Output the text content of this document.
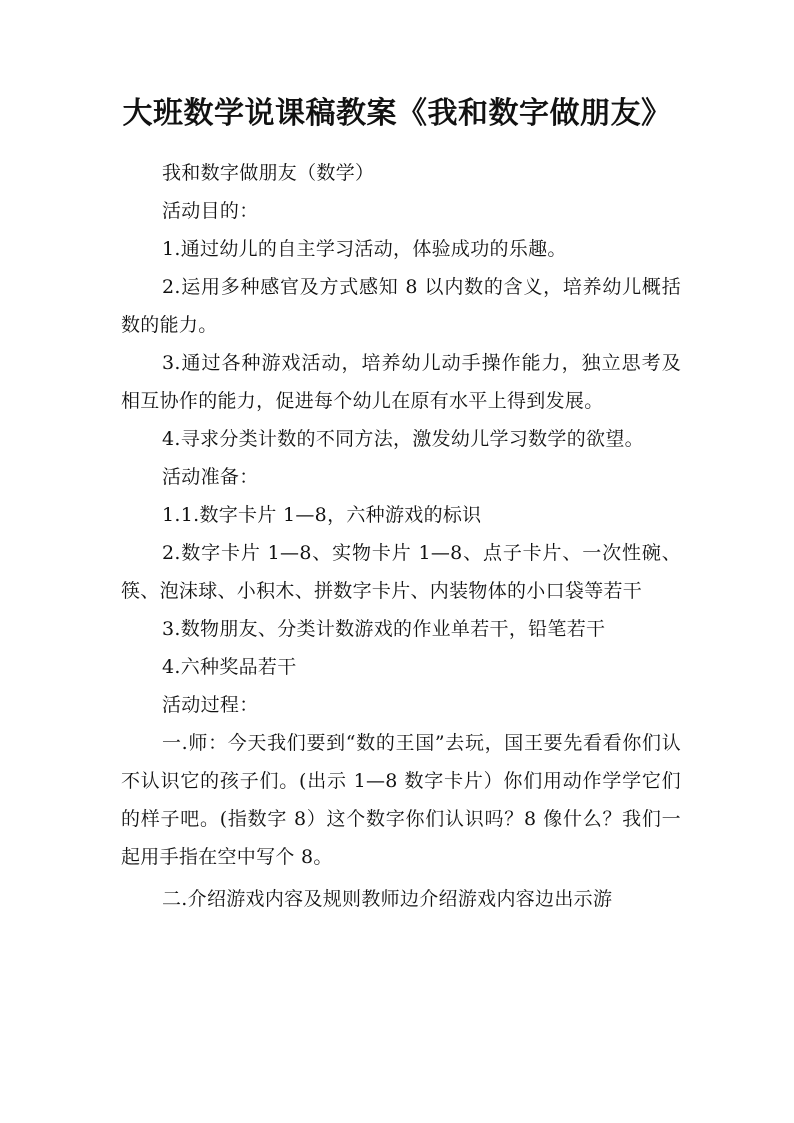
大班数学说课稿教案《我和数字做朋友》

我和数字做朋友（数学）

活动目的：

1.通过幼儿的自主学习活动，体验成功的乐趣。

2.运用多种感官及方式感知 8 以内数的含义，培养幼儿概括数的能力。

3.通过各种游戏活动，培养幼儿动手操作能力，独立思考及相互协作的能力，促进每个幼儿在原有水平上得到发展。

4.寻求分类计数的不同方法，激发幼儿学习数学的欲望。

活动准备：

1.1.数字卡片 1—8，六种游戏的标识

2.数字卡片 1—8、实物卡片 1—8、点子卡片、一次性碗、筷、泡沫球、小积木、拼数字卡片、内装物体的小口袋等若干

3.数物朋友、分类计数游戏的作业单若干，铅笔若干

4.六种奖品若干

活动过程：

一.师：今天我们要到“数的王国”去玩，国王要先看看你们认不认识它的孩子们。(出示 1—8 数字卡片）你们用动作学学它们的样子吧。(指数字 8）这个数字你们认识吗？8 像什么？我们一起用手指在空中写个 8。

二.介绍游戏内容及规则教师边介绍游戏内容边出示游
